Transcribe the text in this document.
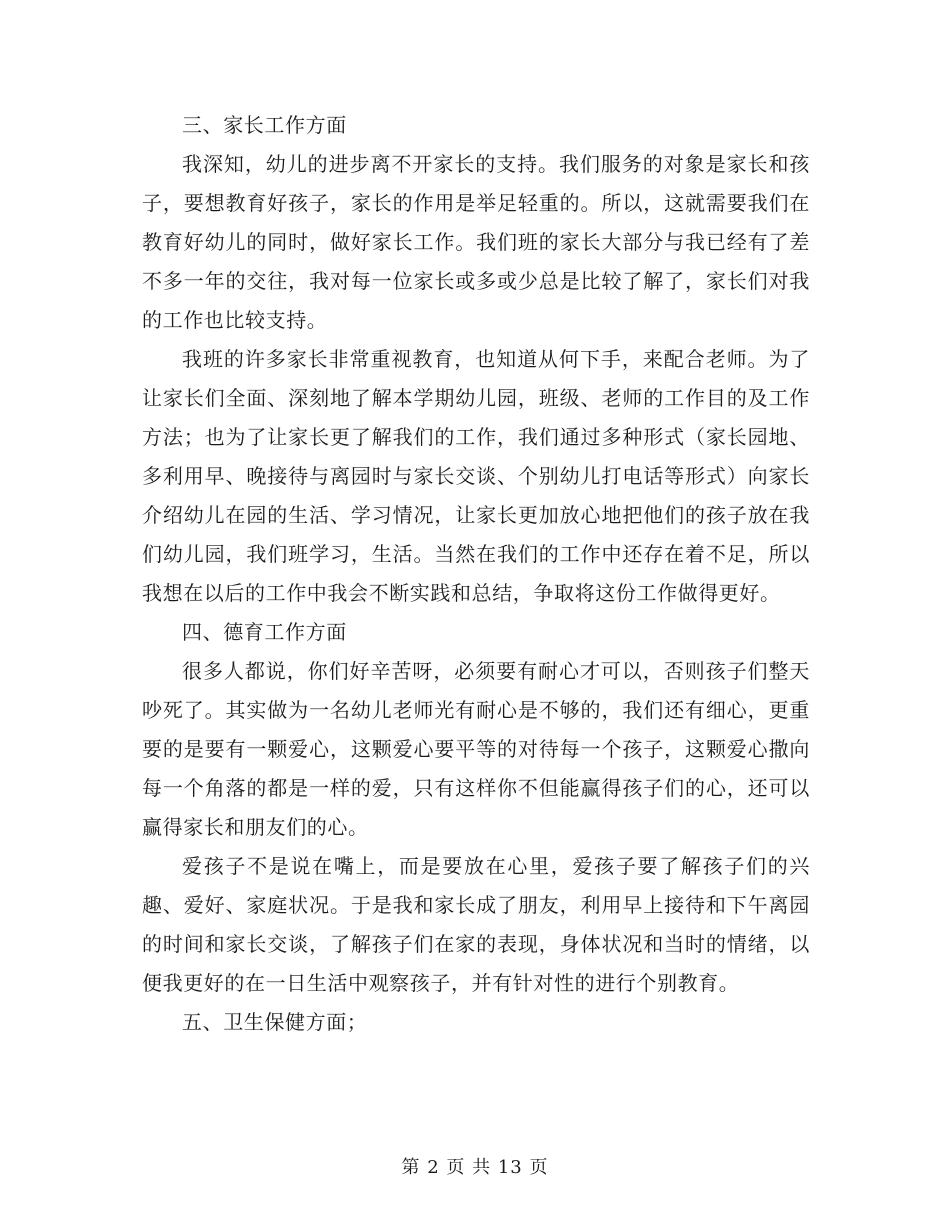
三、家长工作方面

我深知，幼儿的进步离不开家长的支持。我们服务的对象是家长和孩子，要想教育好孩子，家长的作用是举足轻重的。所以，这就需要我们在教育好幼儿的同时，做好家长工作。我们班的家长大部分与我已经有了差不多一年的交往，我对每一位家长或多或少总是比较了解了，家长们对我的工作也比较支持。

我班的许多家长非常重视教育，也知道从何下手，来配合老师。为了让家长们全面、深刻地了解本学期幼儿园，班级、老师的工作目的及工作方法；也为了让家长更了解我们的工作，我们通过多种形式（家长园地、多利用早、晚接待与离园时与家长交谈、个别幼儿打电话等形式）向家长介绍幼儿在园的生活、学习情况，让家长更加放心地把他们的孩子放在我们幼儿园，我们班学习，生活。当然在我们的工作中还存在着不足，所以我想在以后的工作中我会不断实践和总结，争取将这份工作做得更好。

四、德育工作方面

很多人都说，你们好辛苦呀，必须要有耐心才可以，否则孩子们整天吵死了。其实做为一名幼儿老师光有耐心是不够的，我们还有细心，更重要的是要有一颗爱心，这颗爱心要平等的对待每一个孩子，这颗爱心撒向每一个角落的都是一样的爱，只有这样你不但能赢得孩子们的心，还可以赢得家长和朋友们的心。

爱孩子不是说在嘴上，而是要放在心里，爱孩子要了解孩子们的兴趣、爱好、家庭状况。于是我和家长成了朋友，利用早上接待和下午离园的时间和家长交谈，了解孩子们在家的表现，身体状况和当时的情绪，以便我更好的在一日生活中观察孩子，并有针对性的进行个别教育。

五、卫生保健方面；

第 2 页 共 13 页
